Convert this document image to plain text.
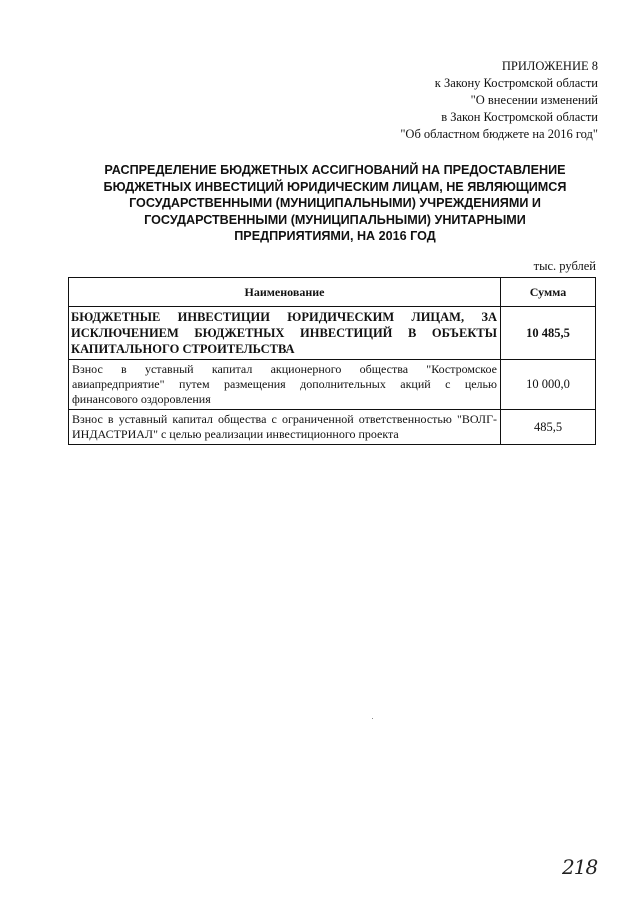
ПРИЛОЖЕНИЕ 8
к Закону Костромской области
"О внесении изменений
в Закон Костромской области
"Об областном бюджете на 2016 год"
РАСПРЕДЕЛЕНИЕ БЮДЖЕТНЫХ АССИГНОВАНИЙ НА ПРЕДОСТАВЛЕНИЕ
БЮДЖЕТНЫХ ИНВЕСТИЦИЙ ЮРИДИЧЕСКИМ ЛИЦАМ, НЕ ЯВЛЯЮЩИМСЯ
ГОСУДАРСТВЕННЫМИ (МУНИЦИПАЛЬНЫМИ) УЧРЕЖДЕНИЯМИ И
ГОСУДАРСТВЕННЫМИ (МУНИЦИПАЛЬНЫМИ) УНИТАРНЫМИ
ПРЕДПРИЯТИЯМИ, НА 2016 ГОД
тыс. рублей
Наименование	Сумма
БЮДЖЕТНЫЕ ИНВЕСТИЦИИ ЮРИДИЧЕСКИМ ЛИЦАМ, ЗА ИСКЛЮЧЕНИЕМ БЮДЖЕТНЫХ ИНВЕСТИЦИЙ В ОБЪЕКТЫ КАПИТАЛЬНОГО СТРОИТЕЛЬСТВА	10 485,5
Взнос в уставный капитал акционерного общества "Костромское авиапредприятие" путем размещения дополнительных акций с целью финансового оздоровления	10 000,0
Взнос в уставный капитал общества с ограниченной ответственностью "ВОЛГ-ИНДАСТРИАЛ" с целью реализации инвестиционного проекта	485,5
218
